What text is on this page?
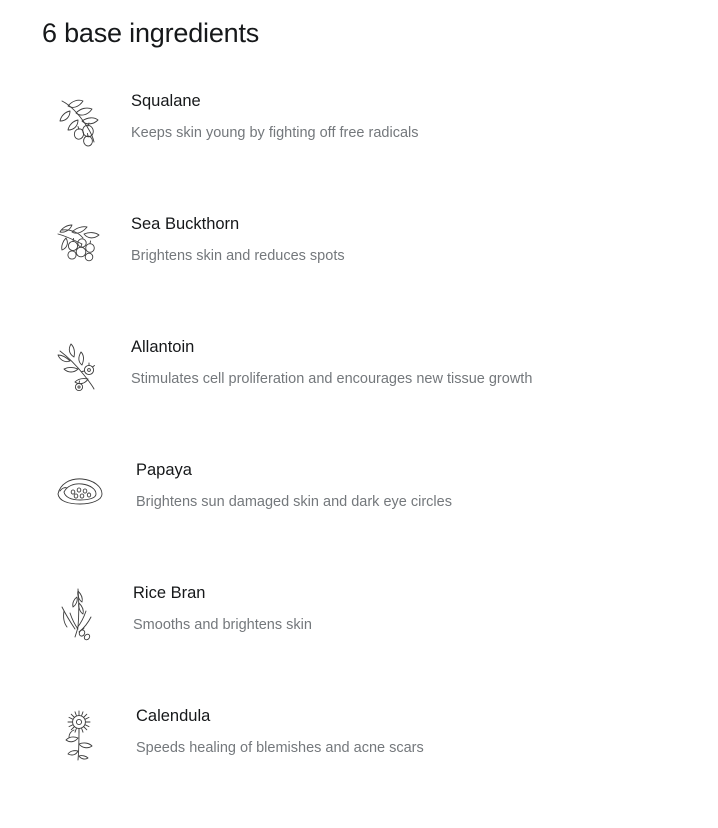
6 base ingredients
Squalane
Keeps skin young by fighting off free radicals
Sea Buckthorn
Brightens skin and reduces spots
Allantoin
Stimulates cell proliferation and encourages new tissue growth
Papaya
Brightens sun damaged skin and dark eye circles
Rice Bran
Smooths and brightens skin
Calendula
Speeds healing of blemishes and acne scars
